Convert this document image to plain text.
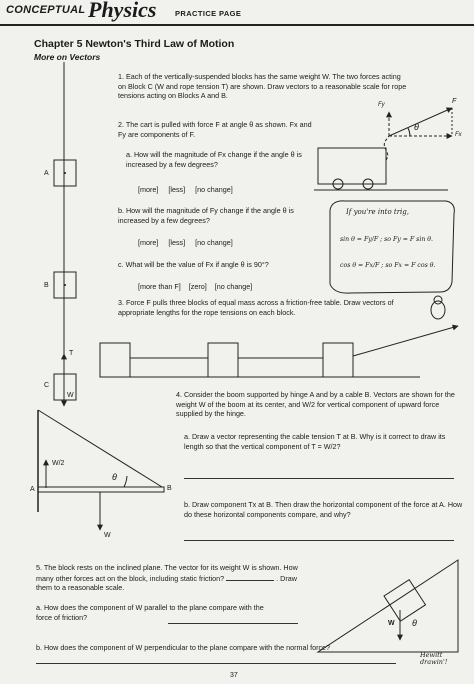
CONCEPTUAL Physics PRACTICE PAGE
Chapter 5 Newton's Third Law of Motion
More on Vectors
A
B
C
T
W
F
Fx
Fy
θ
W/2
A	B
θ
W
W θ
1. Each of the vertically-suspended blocks has the same weight W. The two forces acting on Block C (W and rope tension T) are shown. Draw vectors to a reasonable scale for rope tensions acting on Blocks A and B.
2. The cart is pulled with force F at angle θ as shown. Fx and Fy are components of F.
a. How will the magnitude of Fx change if the angle θ is increased by a few degrees?
[more] [less] [no change]
b. How will the magnitude of Fy change if the angle θ is increased by a few degrees?
[more] [less] [no change]
c. What will be the value of Fx if angle θ is 90°?
[more than F] [zero] [no change]
If you're into trig,
sin θ = Fy/F ; so Fy = F sin θ.
cos θ = Fx/F ; so Fx = F cos θ.
3. Force F pulls three blocks of equal mass across a friction-free table. Draw vectors of appropriate lengths for the rope tensions on each block.
4. Consider the boom supported by hinge A and by a cable B. Vectors are shown for the weight W of the boom at its center, and W/2 for vertical component of upward force supplied by the hinge.
a. Draw a vector representing the cable tension T at B. Why is it correct to draw its length so that the vertical component of T = W/2?
b. Draw component Tx at B. Then draw the horizontal component of the force at A. How do these horizontal components compare, and why?
5. The block rests on the inclined plane. The vector for its weight W is shown. How many other forces act on the block, including static friction?	. Draw them to a reasonable scale.
a. How does the component of W parallel to the plane compare with the force of friction?
b. How does the component of W perpendicular to the plane compare with the normal force?
Hewitt drawin'!
37
